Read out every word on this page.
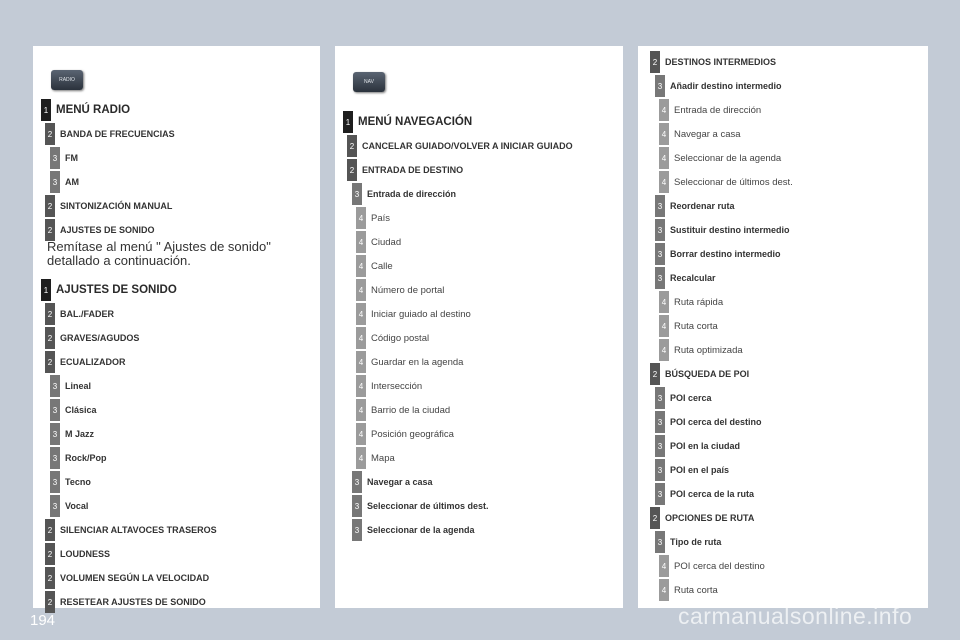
RADIO
1 MENÚ RADIO
2 BANDA DE FRECUENCIAS
3 FM
3 AM
2 SINTONIZACIÓN MANUAL
2 AJUSTES DE SONIDO
1 AJUSTES DE SONIDO
2 BAL./FADER
2 GRAVES/AGUDOS
2 ECUALIZADOR
3 Lineal
3 Clásica
3 M Jazz
3 Rock/Pop
3 Tecno
3 Vocal
2 SILENCIAR ALTAVOCES TRASEROS
2 LOUDNESS
2 VOLUMEN SEGÚN LA VELOCIDAD
2 RESETEAR AJUSTES DE SONIDO
Remítase al menú " Ajustes de sonido"
detallado a continuación.
NAV
1 MENÚ NAVEGACIÓN
2 CANCELAR GUIADO/VOLVER A INICIAR GUIADO
2 ENTRADA DE DESTINO
3 Entrada de dirección
4 País
4 Ciudad
4 Calle
4 Número de portal
4 Iniciar guiado al destino
4 Código postal
4 Guardar en la agenda
4 Intersección
4 Barrio de la ciudad
4 Posición geográfica
4 Mapa
3 Navegar a casa
3 Seleccionar de últimos dest.
3 Seleccionar de la agenda
2 DESTINOS INTERMEDIOS
3 Añadir destino intermedio
4 Entrada de dirección
4 Navegar a casa
4 Seleccionar de la agenda
4 Seleccionar de últimos dest.
3 Reordenar ruta
3 Sustituir destino intermedio
3 Borrar destino intermedio
3 Recalcular
4 Ruta rápida
4 Ruta corta
4 Ruta optimizada
2 BÚSQUEDA DE POI
3 POI cerca
3 POI cerca del destino
3 POI en la ciudad
3 POI en el país
3 POI cerca de la ruta
2 OPCIONES DE RUTA
3 Tipo de ruta
4 POI cerca del destino
4 Ruta corta
194	carmanualsonline.info
